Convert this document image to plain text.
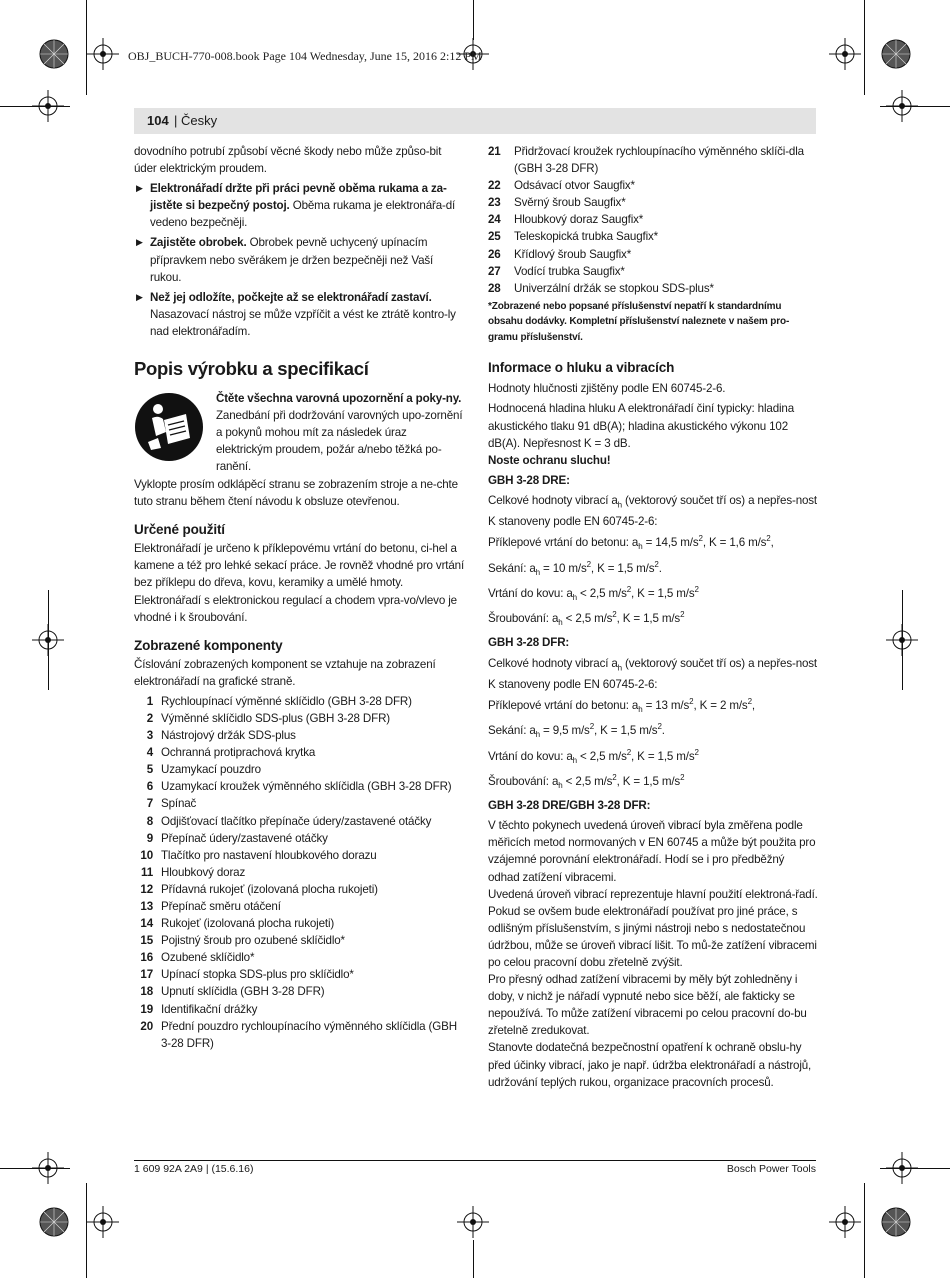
OBJ_BUCH-770-008.book Page 104 Wednesday, June 15, 2016 2:12 PM
104 | Česky

dovodního potrubí způsobí věcné škody nebo může způso-bit úder elektrickým proudem.

▶ Elektronářadí držte při práci pevně oběma rukama a za-jistěte si bezpečný postoj. Oběma rukama je elektronářa-dí vedeno bezpečněji.

▶ Zajistěte obrobek. Obrobek pevně uchycený upínacím přípravkem nebo svěrákem je držen bezpečněji než Vaší rukou.

▶ Než jej odložíte, počkejte až se elektronářadí zastaví. Nasazovací nástroj se může vzpříčit a vést ke ztrátě kontro-ly nad elektronářadím.

Popis výrobku a specifikací

Čtěte všechna varovná upozornění a poky-ny. Zanedbání při dodržování varovných upo-zornění a pokynů mohou mít za následek úraz elektrickým proudem, požár a/nebo těžká po-ranění.

Vyklopte prosím odklápěcí stranu se zobrazením stroje a ne-chte tuto stranu během čtení návodu k obsluze otevřenou.

Určené použití

Elektronářadí je určeno k příklepovému vrtání do betonu, ci-hel a kamene a též pro lehké sekací práce. Je rovněž vhodné pro vrtání bez příklepu do dřeva, kovu, keramiky a umělé hmoty. Elektronářadí s elektronickou regulací a chodem vpra-vo/vlevo je vhodné i k šroubování.

Zobrazené komponenty

Číslování zobrazených komponent se vztahuje na zobrazení elektronářadí na grafické straně.

1 Rychloupínací výměnné sklíčidlo (GBH 3-28 DFR)

2 Výměnné sklíčidlo SDS-plus (GBH 3-28 DFR)

3 Nástrojový držák SDS-plus

4 Ochranná protiprachová krytka

5 Uzamykací pouzdro

6 Uzamykací kroužek výměnného sklíčidla (GBH 3-28 DFR)

7 Spínač

8 Odjišťovací tlačítko přepínače údery/zastavené otáčky

9 Přepínač údery/zastavené otáčky

10 Tlačítko pro nastavení hloubkového dorazu

11 Hloubkový doraz

12 Přídavná rukojeť (izolovaná plocha rukojeti)

13 Přepínač směru otáčení

14 Rukojeť (izolovaná plocha rukojeti)

15 Pojistný šroub pro ozubené sklíčidlo*

16 Ozubené sklíčidlo*

17 Upínací stopka SDS-plus pro sklíčidlo*

18 Upnutí sklíčidla (GBH 3-28 DFR)

19 Identifikační drážky

20 Přední pouzdro rychloupínacího výměnného sklíčidla (GBH 3-28 DFR)

21 Přidržovací kroužek rychloupínacího výměnného sklíči-dla (GBH 3-28 DFR)

22 Odsávací otvor Saugfix*

23 Svěrný šroub Saugfix*

24 Hloubkový doraz Saugfix*

25 Teleskopická trubka Saugfix*

26 Křídlový šroub Saugfix*

27 Vodící trubka Saugfix*

28 Univerzální držák se stopkou SDS-plus*

*Zobrazené nebo popsané příslušenství nepatří k standardnímu obsahu dodávky. Kompletní příslušenství naleznete v našem pro-gramu příslušenství.

Informace o hluku a vibracích

Hodnoty hlučnosti zjištěny podle EN 60745-2-6.

Hodnocená hladina hluku A elektronářadí činí typicky: hladina akustického tlaku 91 dB(A); hladina akustického výkonu 102 dB(A). Nepřesnost K = 3 dB.

Noste ochranu sluchu!

GBH 3-28 DRE:

Celkové hodnoty vibrací $a_h$ (vektorový součet tří os) a nepřes-nost K stanoveny podle EN 60745-2-6:

Příklepové vrtání do betonu: $a_h = 14,5$ $m/s^2$, K = 1,6 $m/s^2$,

Sekání: $a_h = 10$ $m/s^2$, K = 1,5 $m/s^2$.

Vrtání do kovu: $a_h < 2,5$ $m/s^2$, K = 1,5 $m/s^2$

Šroubování: $a_h < 2,5$ $m/s^2$, K = 1,5 $m/s^2$

GBH 3-28 DFR:

Celkové hodnoty vibrací $a_h$ (vektorový součet tří os) a nepřes-nost K stanoveny podle EN 60745-2-6:

Příklepové vrtání do betonu: $a_h = 13$ $m/s^2$, K = 2 $m/s^2$,

Sekání: $a_h = 9,5$ $m/s^2$, K = 1,5 $m/s^2$.

Vrtání do kovu: $a_h < 2,5$ $m/s^2$, K = 1,5 $m/s^2$

Šroubování: $a_h < 2,5$ $m/s^2$, K = 1,5 $m/s^2$

GBH 3-28 DRE/GBH 3-28 DFR:

V těchto pokynech uvedená úroveň vibrací byla změřena podle měřicích metod normovaných v EN 60745 a může být použita pro vzájemné porovnání elektronářadí. Hodí se i pro předběžný odhad zatížení vibracemi.

Uvedená úroveň vibrací reprezentuje hlavní použití elektroná-řadí. Pokud se ovšem bude elektronářadí používat pro jiné práce, s odlišným příslušenstvím, s jinými nástroji nebo s nedostatečnou údržbou, může se úroveň vibrací lišit. To mů-že zatížení vibracemi po celou pracovní dobu zřetelně zvýšit.

Pro přesný odhad zatížení vibracemi by měly být zohledněny i doby, v nichž je nářadí vypnuté nebo sice běží, ale fakticky se nepoužívá. To může zatížení vibracemi po celou pracovní do-bu zřetelně zredukovat.

Stanovte dodatečná bezpečnostní opatření k ochraně obslu-hy před účinky vibrací, jako je např. údržba elektronářadí a nástrojů, udržování teplých rukou, organizace pracovních procesů.

1 609 92A 2A9 | (15.6.16)	Bosch Power Tools
